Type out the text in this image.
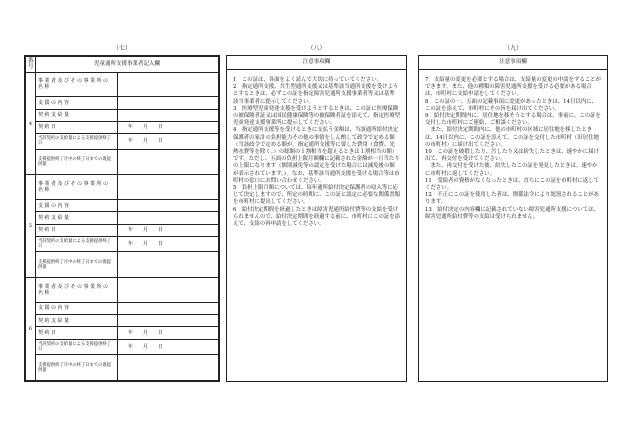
（七）
番号	児童通所支援事業者記入欄	
4	事業者及びその事業所の名称	
	支援の内容	
	契約支給量	
	契約日	年　　月　　日
	当該契約の支給量による支援提供終了日	年　　月　　日
	支援提供終了月中の終了日までの既提供量	
5	事業者及びその事業所の名称	
	支援の内容	
	契約支給量	
	契約日	年　　月　　日
	当該契約の支給量による支援提供終了日	年　　月　　日
	支援提供終了月中の終了日までの既提供量	
6	事業者及びその事業所の名称	
	支援の内容	
	契約支給量	
	契約日	年　　月　　日
	当該契約の支給量による支援提供終了日	年　　月　　日
	支援提供終了月中の終了日までの既提供量	
（八）
注意事項欄

1　この証は、各面をよく読んで大切に持っていてください。

2　指定通所支援、共生型通所支援又は基準該当通所支援を受けようとするときは、必ずこの証を指定障害児通所支援事業者等又は基準該当事業者に提示してください。

3　医療型児童発達支援を受けようとするときは、この証に医療保険の被保険者証又は国民健康保険等の被保険者証を添えて、指定医療型児童発達支援事業所に提示してください。

4　指定通所支援等を受けるときに支払う金額は、当該通所給付決定保護者の家計の負担能力その他の事情をしん酌して政令で定める額（当該政令で定める額が、指定通所支援等に要した費用（食費、光熱水費等を除く。）の総額の１割相当を超えるときは１割相当の額）です。ただし、五面の負担上限月額欄に記載された金額が一月当たりの上限になります（個別減免等の認定を受けた場合には減免後の額が表示されています。）。なお、基準該当通所支援を受ける場合等は市町村の窓口にお問い合わせください。

5　負担上限月額については、毎年通所給付決定保護者の収入等に応じて決定しますので、所定の時期に、この証と認定に必要な関係書類を市町村に提出してください。

6　給付決定期間を経過したときは障害児通所給付費等の支給を受けられませんので、給付決定期間を経過する前に、市町村にこの証を添えて、支給の再申請をしてください。

（九）
注意事項欄

7　支給量の変更を必要とする場合は、支給量の変更の申請をすることができます。また、他の種類の障害児通所支援を受ける必要がある場合は、市町村に支給申請をしてください。

8　この証の一、五面の記載事項に変更があったときは、14日以内に、この証を添えて、市町村にその旨を届け出てください。

9　給付決定期間内に、居住地を移そうとする場合は、事前に、この証を交付した市町村にご連絡、ご相談ください。

　また、給付決定期間内に、他の市町村の区域に居住地を移したときは、14日以内に、この証を添えて、この証を交付した市町村（旧居住地の市町村）に届け出てください。

10　この証を破損したり、汚したり又は紛失したときは、速やかに届け出て、再交付を受けてください。

　また、再交付を受けた後、紛失したこの証を発見したときは、速やかに市町村に返してください。

11　受給者の資格がなくなったときは、直ちにこの証を市町村に返してください。

12　不正にこの証を使用した者は、関係法令により処罰されることがあります。

13　給付決定の内容欄に記載されていない障害児通所支援については、障害児通所給付費等の支給は受けられません。
